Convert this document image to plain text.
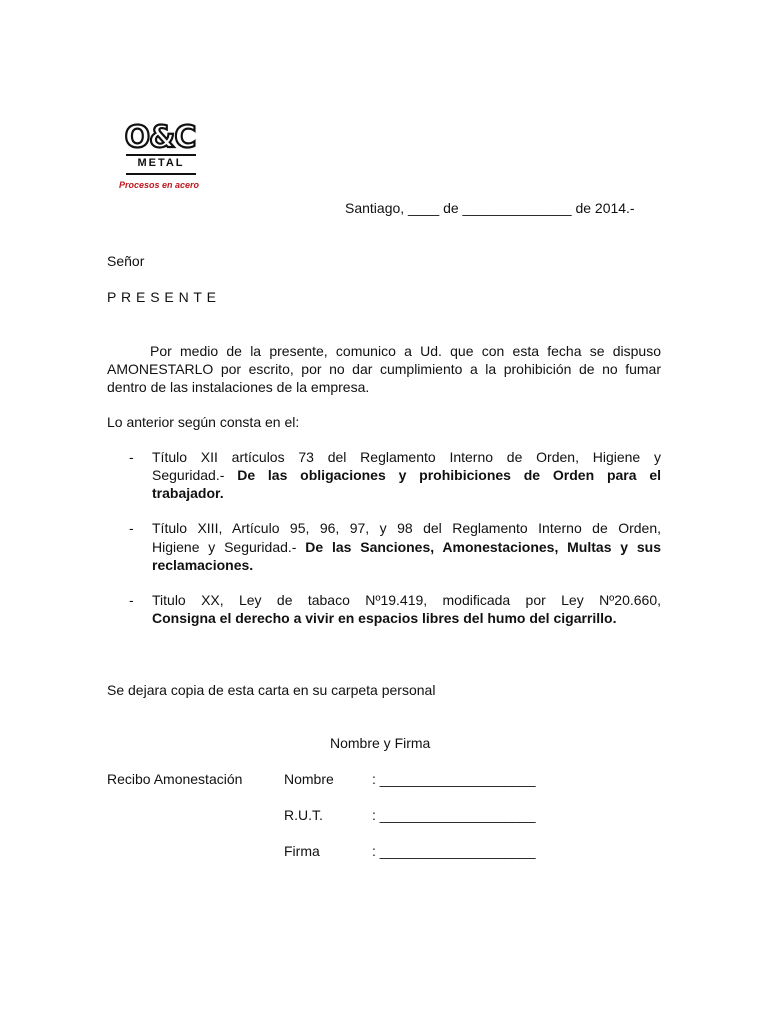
O&C
METAL
Procesos en acero
Santiago, ____ de ______________ de 2014.-
Señor
P R E S E N T E
Por medio de la presente, comunico a Ud. que con esta fecha se dispuso
AMONESTARLO por escrito, por no dar cumplimiento a la prohibición de no fumar
dentro de las instalaciones de la empresa.
Lo anterior según consta en el:
- Título XII artículos 73 del Reglamento Interno de Orden, Higiene y
Seguridad.- De las obligaciones y prohibiciones de Orden para el
trabajador.
- Título XIII, Artículo 95, 96, 97, y 98 del Reglamento Interno de Orden,
Higiene y Seguridad.- De las Sanciones, Amonestaciones, Multas y sus
reclamaciones.
- Titulo XX, Ley de tabaco Nº19.419, modificada por Ley Nº20.660,
Consigna el derecho a vivir en espacios libres del humo del cigarrillo.
Se dejara copia de esta carta en su carpeta personal
Nombre y Firma
Recibo Amonestación	Nombre	: ____________________
R.U.T.	: ____________________
Firma	: ____________________
